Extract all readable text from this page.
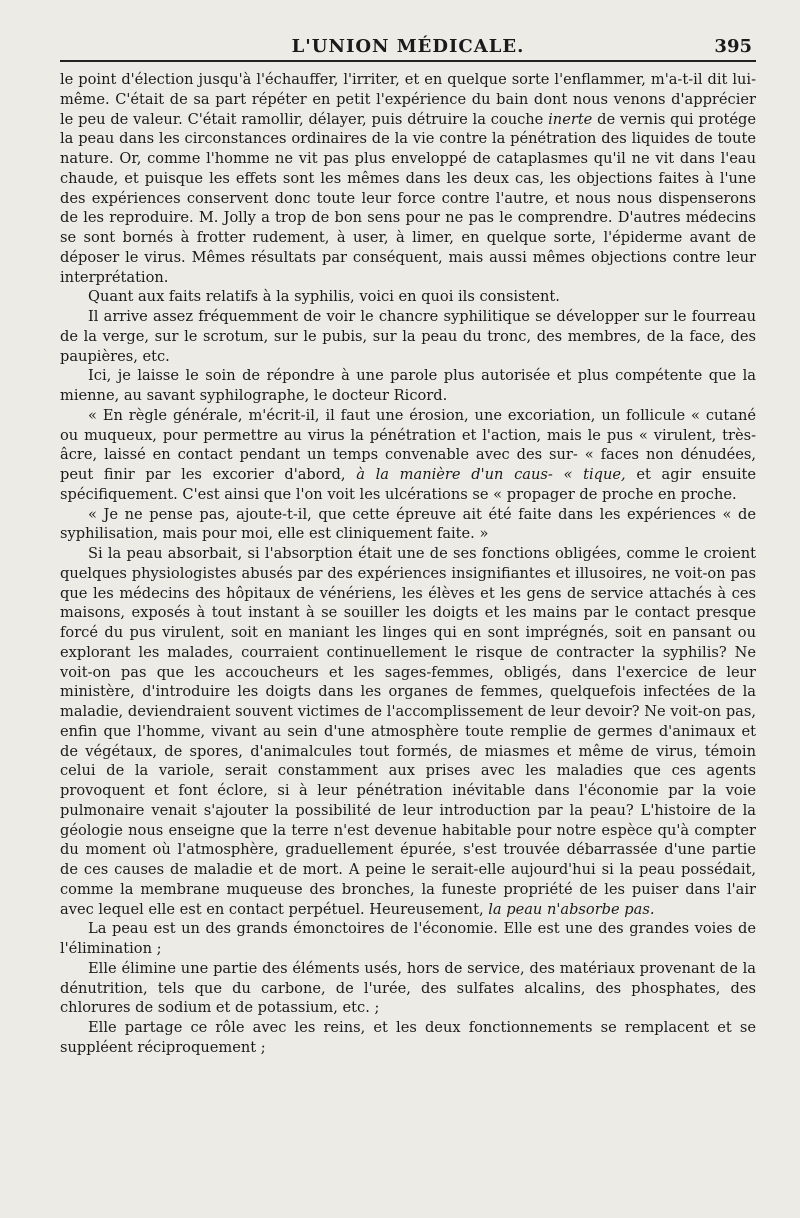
L'UNION MÉDICALE.	395

le point d'élection jusqu'à l'échauffer, l'irriter, et en quelque sorte l'enflammer, m'a-t-il dit lui-même. C'était de sa part répéter en petit l'expérience du bain dont nous venons d'apprécier le peu de valeur. C'était ramollir, délayer, puis détruire la couche inerte de vernis qui protége la peau dans les circonstances ordinaires de la vie contre la pénétration des liquides de toute nature. Or, comme l'homme ne vit pas plus enveloppé de cataplasmes qu'il ne vit dans l'eau chaude, et puisque les effets sont les mêmes dans les deux cas, les objections faites à l'une des expériences conservent donc toute leur force contre l'autre, et nous nous dispenserons de les reproduire. M. Jolly a trop de bon sens pour ne pas le comprendre. D'autres médecins se sont bornés à frotter rudement, à user, à limer, en quelque sorte, l'épiderme avant de déposer le virus. Mêmes résultats par conséquent, mais aussi mêmes objections contre leur interprétation.

Quant aux faits relatifs à la syphilis, voici en quoi ils consistent.

Il arrive assez fréquemment de voir le chancre syphilitique se développer sur le fourreau de la verge, sur le scrotum, sur le pubis, sur la peau du tronc, des membres, de la face, des paupières, etc.

Ici, je laisse le soin de répondre à une parole plus autorisée et plus compétente que la mienne, au savant syphilographe, le docteur Ricord.

« En règle générale, m'écrit-il, il faut une érosion, une excoriation, un follicule « cutané ou muqueux, pour permettre au virus la pénétration et l'action, mais le pus « virulent, très-âcre, laissé en contact pendant un temps convenable avec des sur- « faces non dénudées, peut finir par les excorier d'abord, à la manière d'un caus- « tique, et agir ensuite spécifiquement. C'est ainsi que l'on voit les ulcérations se « propager de proche en proche.

« Je ne pense pas, ajoute-t-il, que cette épreuve ait été faite dans les expériences « de syphilisation, mais pour moi, elle est cliniquement faite. »

Si la peau absorbait, si l'absorption était une de ses fonctions obligées, comme le croient quelques physiologistes abusés par des expériences insignifiantes et illusoires, ne voit-on pas que les médecins des hôpitaux de vénériens, les élèves et les gens de service attachés à ces maisons, exposés à tout instant à se souiller les doigts et les mains par le contact presque forcé du pus virulent, soit en maniant les linges qui en sont imprégnés, soit en pansant ou explorant les malades, courraient continuellement le risque de contracter la syphilis? Ne voit-on pas que les accoucheurs et les sages-femmes, obligés, dans l'exercice de leur ministère, d'introduire les doigts dans les organes de femmes, quelquefois infectées de la maladie, deviendraient souvent victimes de l'accomplissement de leur devoir? Ne voit-on pas, enfin que l'homme, vivant au sein d'une atmosphère toute remplie de germes d'animaux et de végétaux, de spores, d'animalcules tout formés, de miasmes et même de virus, témoin celui de la variole, serait constamment aux prises avec les maladies que ces agents provoquent et font éclore, si à leur pénétration inévitable dans l'économie par la voie pulmonaire venait s'ajouter la possibilité de leur introduction par la peau? L'histoire de la géologie nous enseigne que la terre n'est devenue habitable pour notre espèce qu'à compter du moment où l'atmosphère, graduellement épurée, s'est trouvée débarrassée d'une partie de ces causes de maladie et de mort. A peine le serait-elle aujourd'hui si la peau possédait, comme la membrane muqueuse des bronches, la funeste propriété de les puiser dans l'air avec lequel elle est en contact perpétuel. Heureusement, la peau n'absorbe pas.

La peau est un des grands émonctoires de l'économie. Elle est une des grandes voies de l'élimination ;

Elle élimine une partie des éléments usés, hors de service, des matériaux provenant de la dénutrition, tels que du carbone, de l'urée, des sulfates alcalins, des phosphates, des chlorures de sodium et de potassium, etc. ;

Elle partage ce rôle avec les reins, et les deux fonctionnements se remplacent et se suppléent réciproquement ;
